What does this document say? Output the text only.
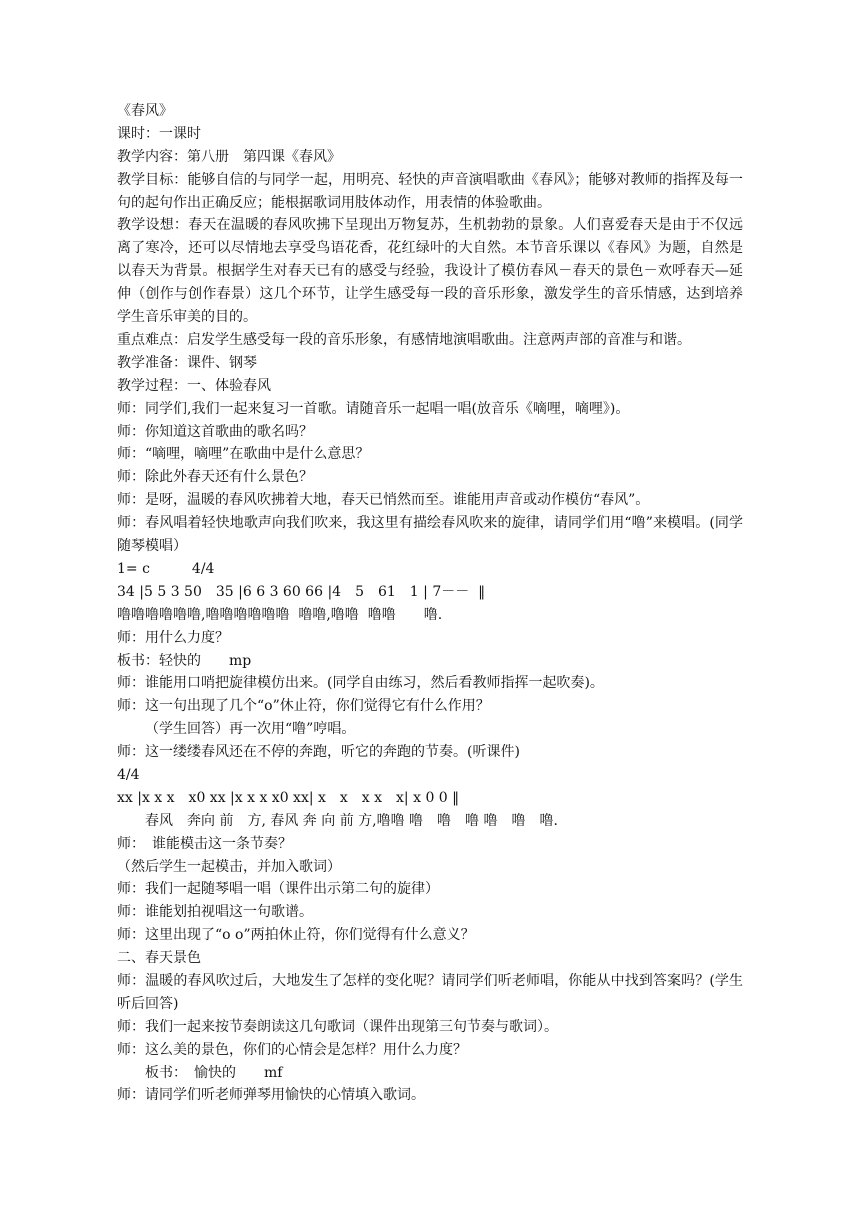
《春风》
课时：一课时
教学内容：第八册　第四课《春风》
教学目标：能够自信的与同学一起，用明亮、轻快的声音演唱歌曲《春风》；能够对教师的指挥及每一句的起句作出正确反应；能根据歌词用肢体动作，用表情的体验歌曲。
教学设想：春天在温暖的春风吹拂下呈现出万物复苏，生机勃勃的景象。人们喜爱春天是由于不仅远离了寒冷，还可以尽情地去享受鸟语花香，花红绿叶的大自然。本节音乐课以《春风》为题，自然是以春天为背景。根据学生对春天已有的感受与经验，我设计了模仿春风－春天的景色－欢呼春天—延伸（创作与创作春景）这几个环节，让学生感受每一段的音乐形象，激发学生的音乐情感，达到培养学生音乐审美的目的。
重点难点：启发学生感受每一段的音乐形象，有感情地演唱歌曲。注意两声部的音准与和谐。
教学准备：课件、钢琴
教学过程：一、体验春风
师：同学们,我们一起来复习一首歌。请随音乐一起唱一唱(放音乐《嘀哩，嘀哩》)。
师：你知道这首歌曲的歌名吗？
师：“嘀哩，嘀哩”在歌曲中是什么意思？
师：除此外春天还有什么景色？
师：是呀，温暖的春风吹拂着大地，春天已悄然而至。谁能用声音或动作模仿“春风”。
师：春风唱着轻快地歌声向我们吹来，我这里有描绘春风吹来的旋律，请同学们用“噜”来模唱。(同学随琴模唱）
1= c　　　4/4
34 |5 5 3 50　35 |6 6 3 60 66 |4　5　61　1 | 7－－  ‖
噜噜噜噜噜噜,噜噜噜噜噜噜  噜噜,噜噜  噜噜　　噜.
师：用什么力度？
板书：轻快的　　mp
师：谁能用口哨把旋律模仿出来。(同学自由练习，然后看教师指挥一起吹奏)。
师：这一句出现了几个“o”休止符，你们觉得它有什么作用？
（学生回答）再一次用“噜”哼唱。
师：这一缕缕春风还在不停的奔跑，听它的奔跑的节奏。(听课件)
4/4
xx |x x x　x0 xx |x x x x0 xx| x　x　x x　x| x 0 0 ‖
春风　奔向 前　方, 春风 奔 向 前 方,噜噜 噜　噜　噜 噜　噜　噜.
师：　谁能模击这一条节奏？
（然后学生一起模击，并加入歌词）
师：我们一起随琴唱一唱（课件出示第二句的旋律）
师：谁能划拍视唱这一句歌谱。
师：这里出现了“o o”两拍休止符，你们觉得有什么意义？
二、春天景色
师：温暖的春风吹过后，大地发生了怎样的变化呢？请同学们听老师唱，你能从中找到答案吗？(学生听后回答)
师：我们一起来按节奏朗读这几句歌词（课件出现第三句节奏与歌词）。
师：这么美的景色，你们的心情会是怎样？用什么力度？
板书：　愉快的　　mf
师：请同学们听老师弹琴用愉快的心情填入歌词。
